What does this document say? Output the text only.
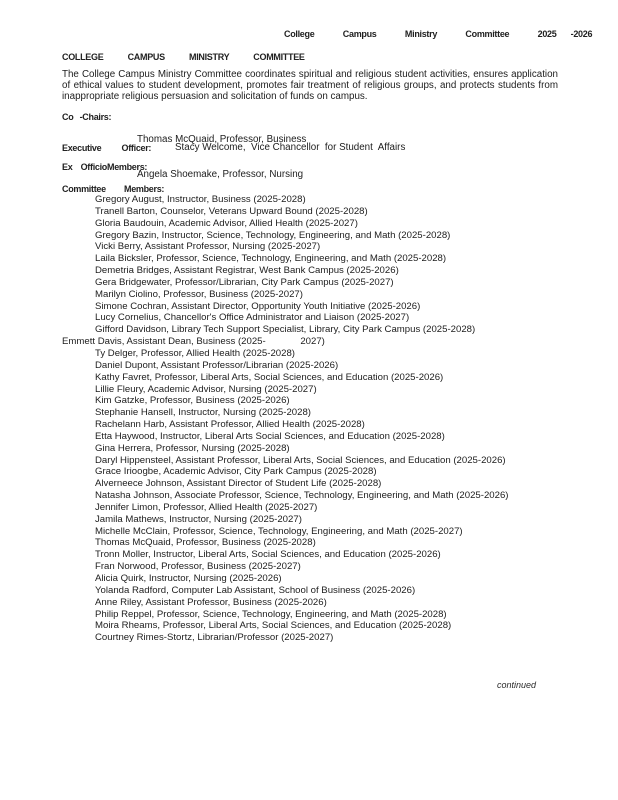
College  Campus  Ministry  Committee  2025 -2026
COLLEGE CAMPUS MINISTRY COMMITTEE

The College Campus Ministry Committee coordinates spiritual and religious student activities, ensures application of ethical values to student development, promotes fair treatment of religious groups, and protects students from inappropriate religious persuasion and solicitation of funds on campus.

Co -Chairs:

Thomas McQuaid, Professor, Business

Angela Shoemake, Professor, Nursing

Executive Officer: Stacy Welcome,  Vice Chancellor  for Student  Affairs
Ex OfficioMembers:
Committee Members:
Gregory August, Instructor, Business (2025-2028)
Tranell Barton, Counselor, Veterans Upward Bound (2025-2028)
Gloria Baudouin, Academic Advisor, Allied Health (2025-2027)
Gregory Bazin, Instructor, Science, Technology, Engineering, and Math (2025-2028)
Vicki Berry, Assistant Professor, Nursing (2025-2027)
Laila Bicksler, Professor, Science, Technology, Engineering, and Math (2025-2028)
Demetria Bridges, Assistant Registrar, West Bank Campus (2025-2026)
Gera Bridgewater, Professor/Librarian, City Park Campus (2025-2027)
Marilyn Ciolino, Professor, Business (2025-2027)
Simone Cochran, Assistant Director, Opportunity Youth Initiative (2025-2026)
Lucy Cornelius, Chancellor's Office Administrator and Liaison (2025-2027)
Gifford Davidson, Library Tech Support Specialist, Library, City Park Campus (2025-2028)
Emmett Davis, Assistant Dean, Business (2025-             2027)
Ty Delger, Professor, Allied Health (2025-2028)
Daniel Dupont, Assistant Professor/Librarian (2025-2026)
Kathy Favret, Professor, Liberal Arts, Social Sciences, and Education (2025-2026)
Lillie Fleury, Academic Advisor, Nursing (2025-2027)
Kim Gatzke, Professor, Business (2025-2026)
Stephanie Hansell, Instructor, Nursing (2025-2028)
Rachelann Harb, Assistant Professor, Allied Health (2025-2028)
Etta Haywood, Instructor, Liberal Arts Social Sciences, and Education (2025-2028)
Gina Herrera, Professor, Nursing (2025-2028)
Daryl Hippensteel, Assistant Professor, Liberal Arts, Social Sciences, and Education (2025-2026)
Grace Irioogbe, Academic Advisor, City Park Campus (2025-2028)
Alverneece Johnson, Assistant Director of Student Life (2025-2028)
Natasha Johnson, Associate Professor, Science, Technology, Engineering, and Math (2025-2026)
Jennifer Limon, Professor, Allied Health (2025-2027)
Jamila Mathews, Instructor, Nursing (2025-2027)
Michelle McClain, Professor, Science, Technology, Engineering, and Math (2025-2027)
Thomas McQuaid, Professor, Business (2025-2028)
Tronn Moller, Instructor, Liberal Arts, Social Sciences, and Education (2025-2026)
Fran Norwood, Professor, Business (2025-2027)
Alicia Quirk, Instructor, Nursing (2025-2026)
Yolanda Radford, Computer Lab Assistant, School of Business (2025-2026)
Anne Riley, Assistant Professor, Business (2025-2026)
Philip Reppel, Professor, Science, Technology, Engineering, and Math (2025-2028)
Moira Rheams, Professor, Liberal Arts, Social Sciences, and Education (2025-2028)
Courtney Rimes-Stortz, Librarian/Professor (2025-2027)
continued
